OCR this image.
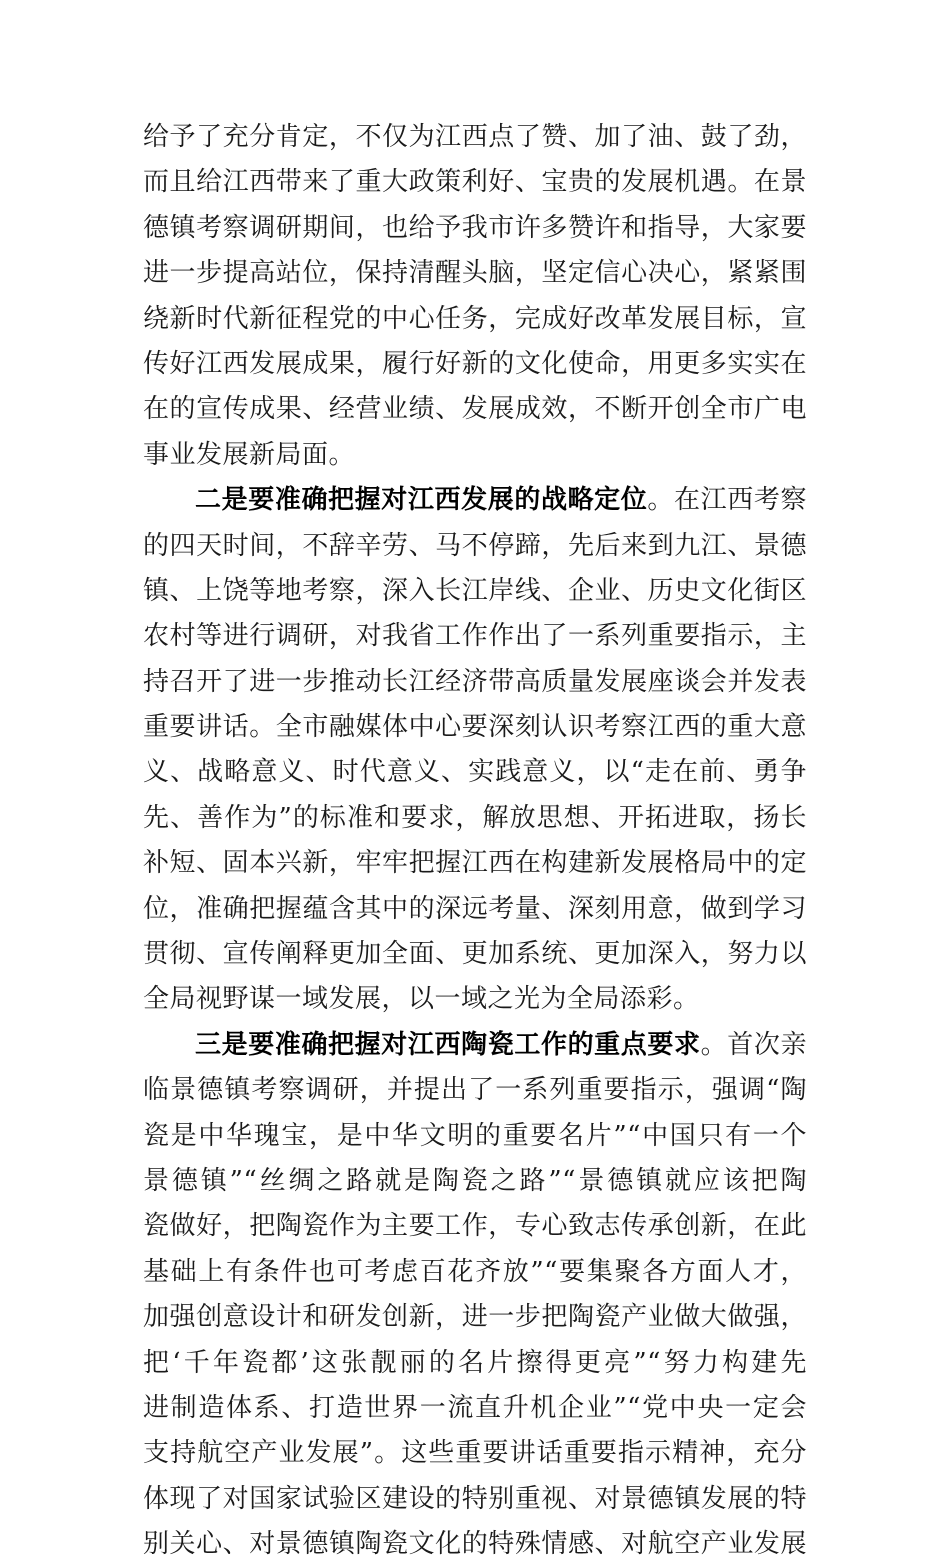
给予了充分肯定，不仅为江西点了赞、加了油、鼓了劲，
而且给江西带来了重大政策利好、宝贵的发展机遇。在景
德镇考察调研期间，也给予我市许多赞许和指导，大家要
进一步提高站位，保持清醒头脑，坚定信心决心，紧紧围
绕新时代新征程党的中心任务，完成好改革发展目标，宣
传好江西发展成果，履行好新的文化使命，用更多实实在
在的宣传成果、经营业绩、发展成效，不断开创全市广电
事业发展新局面。
二是要准确把握对江西发展的战略定位。在江西考察
的四天时间，不辞辛劳、马不停蹄，先后来到九江、景德
镇、上饶等地考察，深入长江岸线、企业、历史文化街区
农村等进行调研，对我省工作作出了一系列重要指示，主
持召开了进一步推动长江经济带高质量发展座谈会并发表
重要讲话。全市融媒体中心要深刻认识考察江西的重大意
义、战略意义、时代意义、实践意义，以“走在前、勇争
先、善作为”的标准和要求，解放思想、开拓进取，扬长
补短、固本兴新，牢牢把握江西在构建新发展格局中的定
位，准确把握蕴含其中的深远考量、深刻用意，做到学习
贯彻、宣传阐释更加全面、更加系统、更加深入，努力以
全局视野谋一域发展，以一域之光为全局添彩。
三是要准确把握对江西陶瓷工作的重点要求。首次亲
临景德镇考察调研，并提出了一系列重要指示，强调“陶
瓷是中华瑰宝，是中华文明的重要名片”“中国只有一个
景德镇”“丝绸之路就是陶瓷之路”“景德镇就应该把陶
瓷做好，把陶瓷作为主要工作，专心致志传承创新，在此
基础上有条件也可考虑百花齐放”“要集聚各方面人才，
加强创意设计和研发创新，进一步把陶瓷产业做大做强，
把‘千年瓷都’这张靓丽的名片擦得更亮”“努力构建先
进制造体系、打造世界一流直升机企业”“党中央一定会
支持航空产业发展”。这些重要讲话重要指示精神，充分
体现了对国家试验区建设的特别重视、对景德镇发展的特
别关心、对景德镇陶瓷文化的特殊情感、对航空产业发展
